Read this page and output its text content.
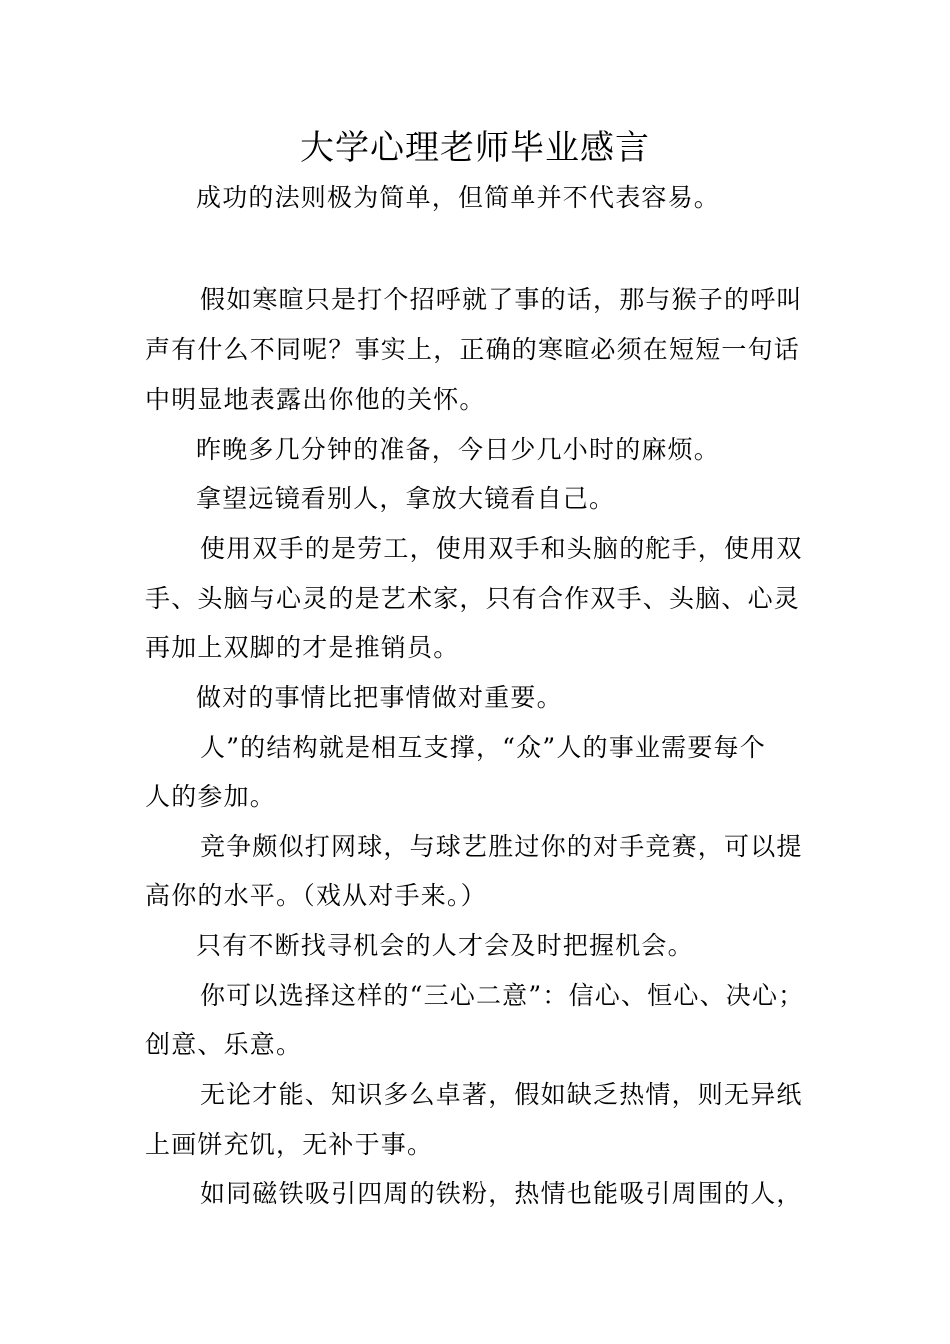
大学心理老师毕业感言
成功的法则极为简单，但简单并不代表容易。
假如寒暄只是打个招呼就了事的话，那与猴子的呼叫
声有什么不同呢？事实上，正确的寒暄必须在短短一句话
中明显地表露出你他的关怀。
昨晚多几分钟的准备，今日少几小时的麻烦。
拿望远镜看别人，拿放大镜看自己。
使用双手的是劳工，使用双手和头脑的舵手，使用双
手、头脑与心灵的是艺术家，只有合作双手、头脑、心灵
再加上双脚的才是推销员。
做对的事情比把事情做对重要。
人”的结构就是相互支撑，“众”人的事业需要每个
人的参加。
竞争颇似打网球，与球艺胜过你的对手竞赛，可以提
高你的水平。（戏从对手来。）
只有不断找寻机会的人才会及时把握机会。
你可以选择这样的“三心二意”：信心、恒心、决心；
创意、乐意。
无论才能、知识多么卓著，假如缺乏热情，则无异纸
上画饼充饥，无补于事。
如同磁铁吸引四周的铁粉，热情也能吸引周围的人，
